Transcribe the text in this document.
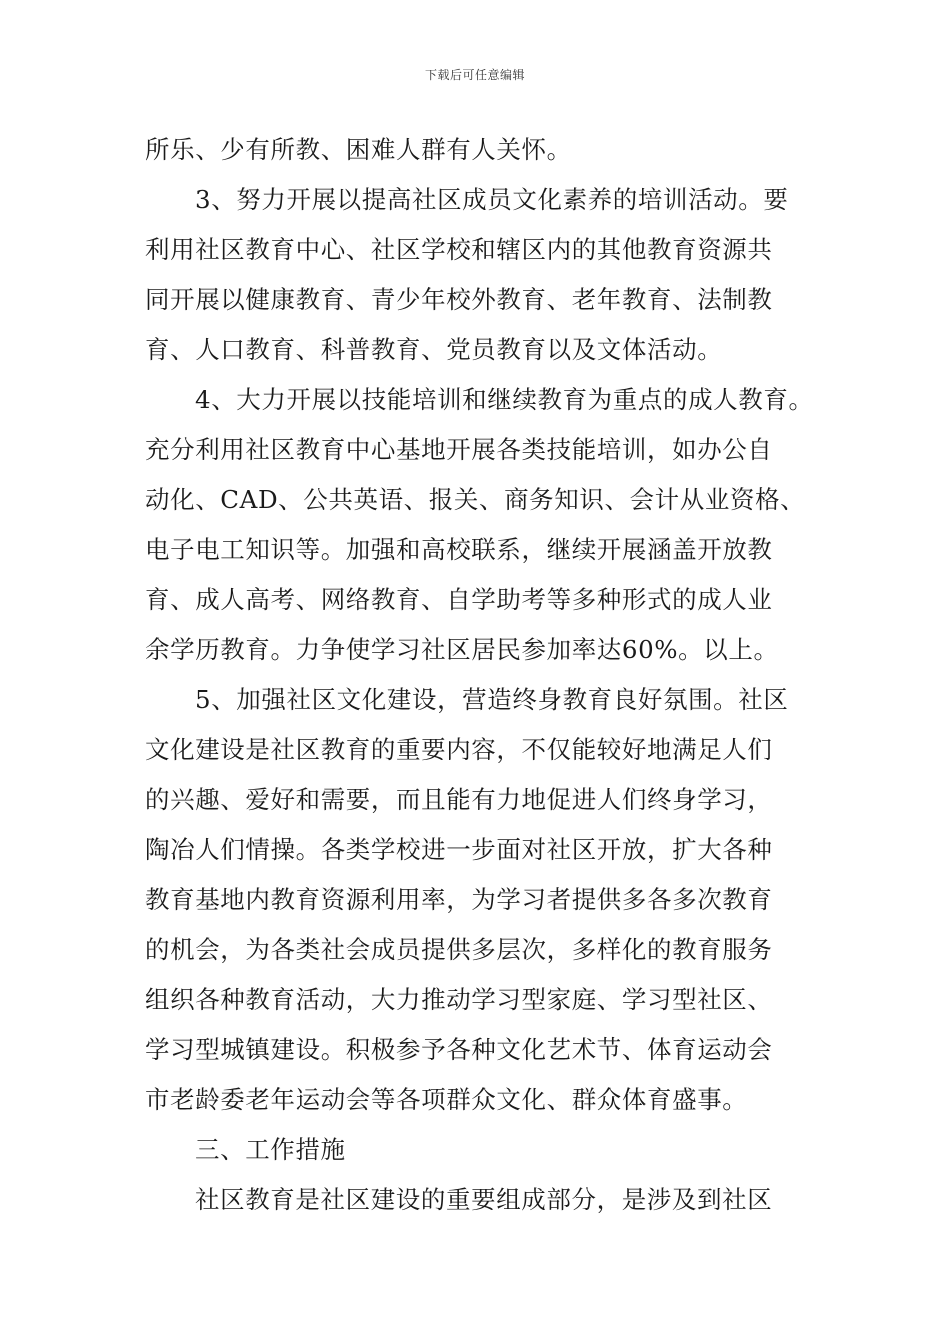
下载后可任意编辑
所乐、少有所教、困难人群有人关怀。
3、努力开展以提高社区成员文化素养的培训活动。要
利用社区教育中心、社区学校和辖区内的其他教育资源共
同开展以健康教育、青少年校外教育、老年教育、法制教
育、人口教育、科普教育、党员教育以及文体活动。
4、大力开展以技能培训和继续教育为重点的成人教育。
充分利用社区教育中心基地开展各类技能培训，如办公自
动化、CAD、公共英语、报关、商务知识、会计从业资格、
电子电工知识等。加强和高校联系，继续开展涵盖开放教
育、成人高考、网络教育、自学助考等多种形式的成人业
余学历教育。力争使学习社区居民参加率达60%。以上。
5、加强社区文化建设，营造终身教育良好氛围。社区
文化建设是社区教育的重要内容，不仅能较好地满足人们
的兴趣、爱好和需要，而且能有力地促进人们终身学习，
陶冶人们情操。各类学校进一步面对社区开放，扩大各种
教育基地内教育资源利用率，为学习者提供多各多次教育
的机会，为各类社会成员提供多层次，多样化的教育服务
组织各种教育活动，大力推动学习型家庭、学习型社区、
学习型城镇建设。积极参予各种文化艺术节、体育运动会
市老龄委老年运动会等各项群众文化、群众体育盛事。
三、工作措施
社区教育是社区建设的重要组成部分，是涉及到社区
